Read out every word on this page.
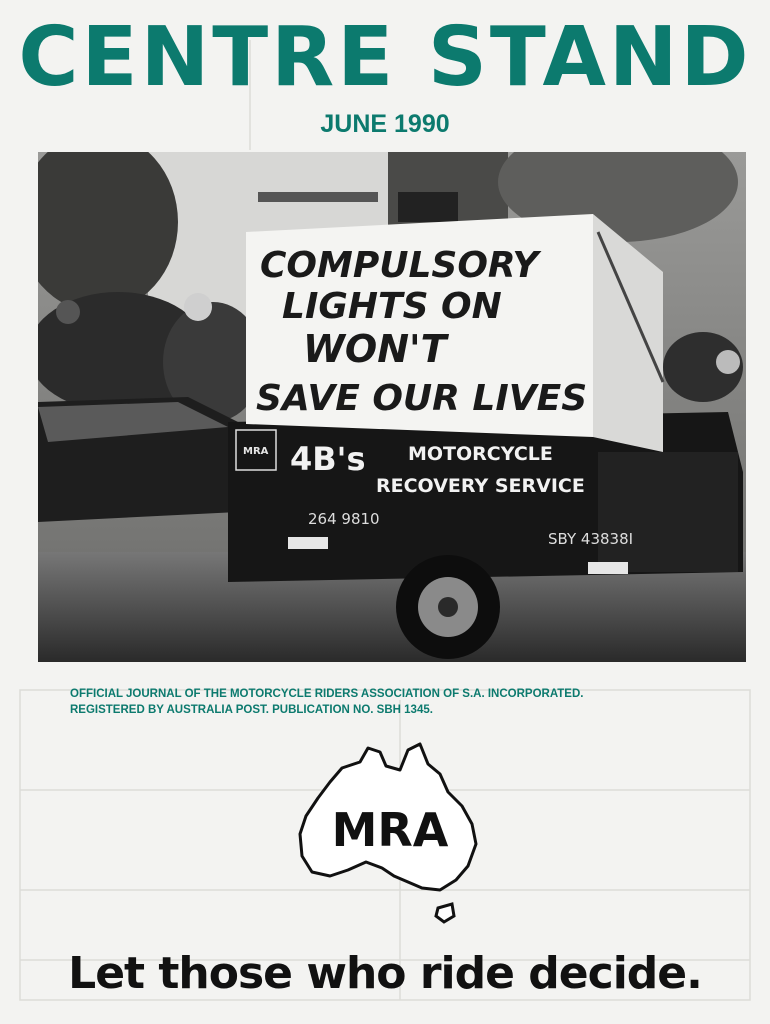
CENTRE STAND
JUNE 1990
MRA 4B's MOTORCYCLE
RECOVERY SERVICE
264 9810
SBY 43838I
COMPULSORY
LIGHTS ON
WON'T
SAVE OUR LIVES
OFFICIAL JOURNAL OF THE MOTORCYCLE RIDERS ASSOCIATION OF S.A. INCORPORATED.
REGISTERED BY AUSTRALIA POST. PUBLICATION NO. SBH 1345.
MRA
Let those who ride decide.
